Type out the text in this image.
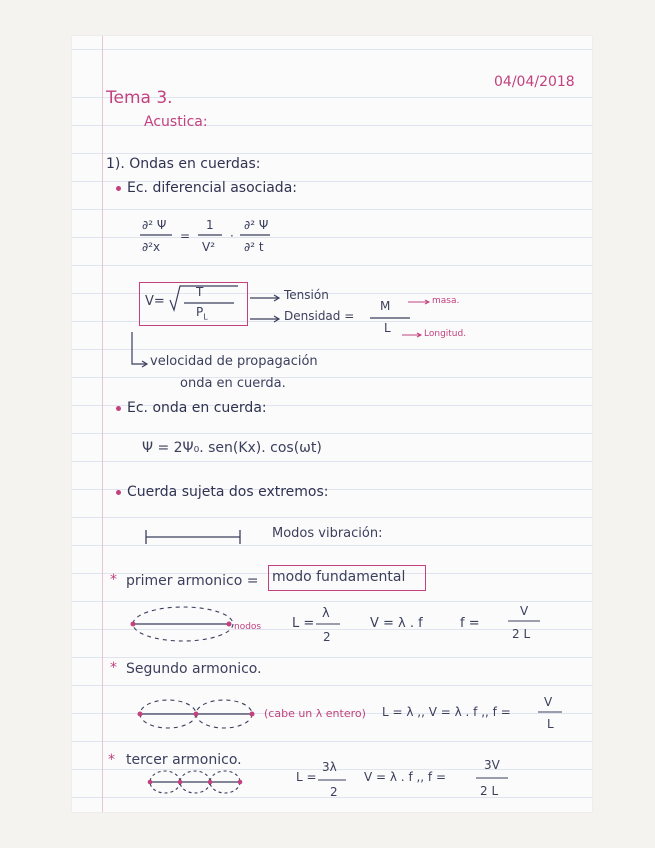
04/04/2018
Tema 3.
Acustica:
1). Ondas en cuerdas:
Ec. diferencial asociada:
∂² Ψ
∂²x
=
1
V²
·
∂² Ψ
∂² t
V=
T
$P_L$
Tensión
Densidad =
M
L
masa.
Longitud.
velocidad de propagación
onda en cuerda.
Ec. onda en cuerda:
Ψ = 2Ψ₀. sen(Kx). cos(ωt)
Cuerda sujeta dos extremos:
Modos vibración:
* primer armonico = modo fundamental
nodos L =
λ
2
V = λ . f	f =
V
2 L
* Segundo armonico.
(cabe un λ entero) L = λ ,, V = λ . f ,, f =
V
L
* tercer armonico.
L =
3λ
2
V = λ . f ,, f =
3V
2 L
